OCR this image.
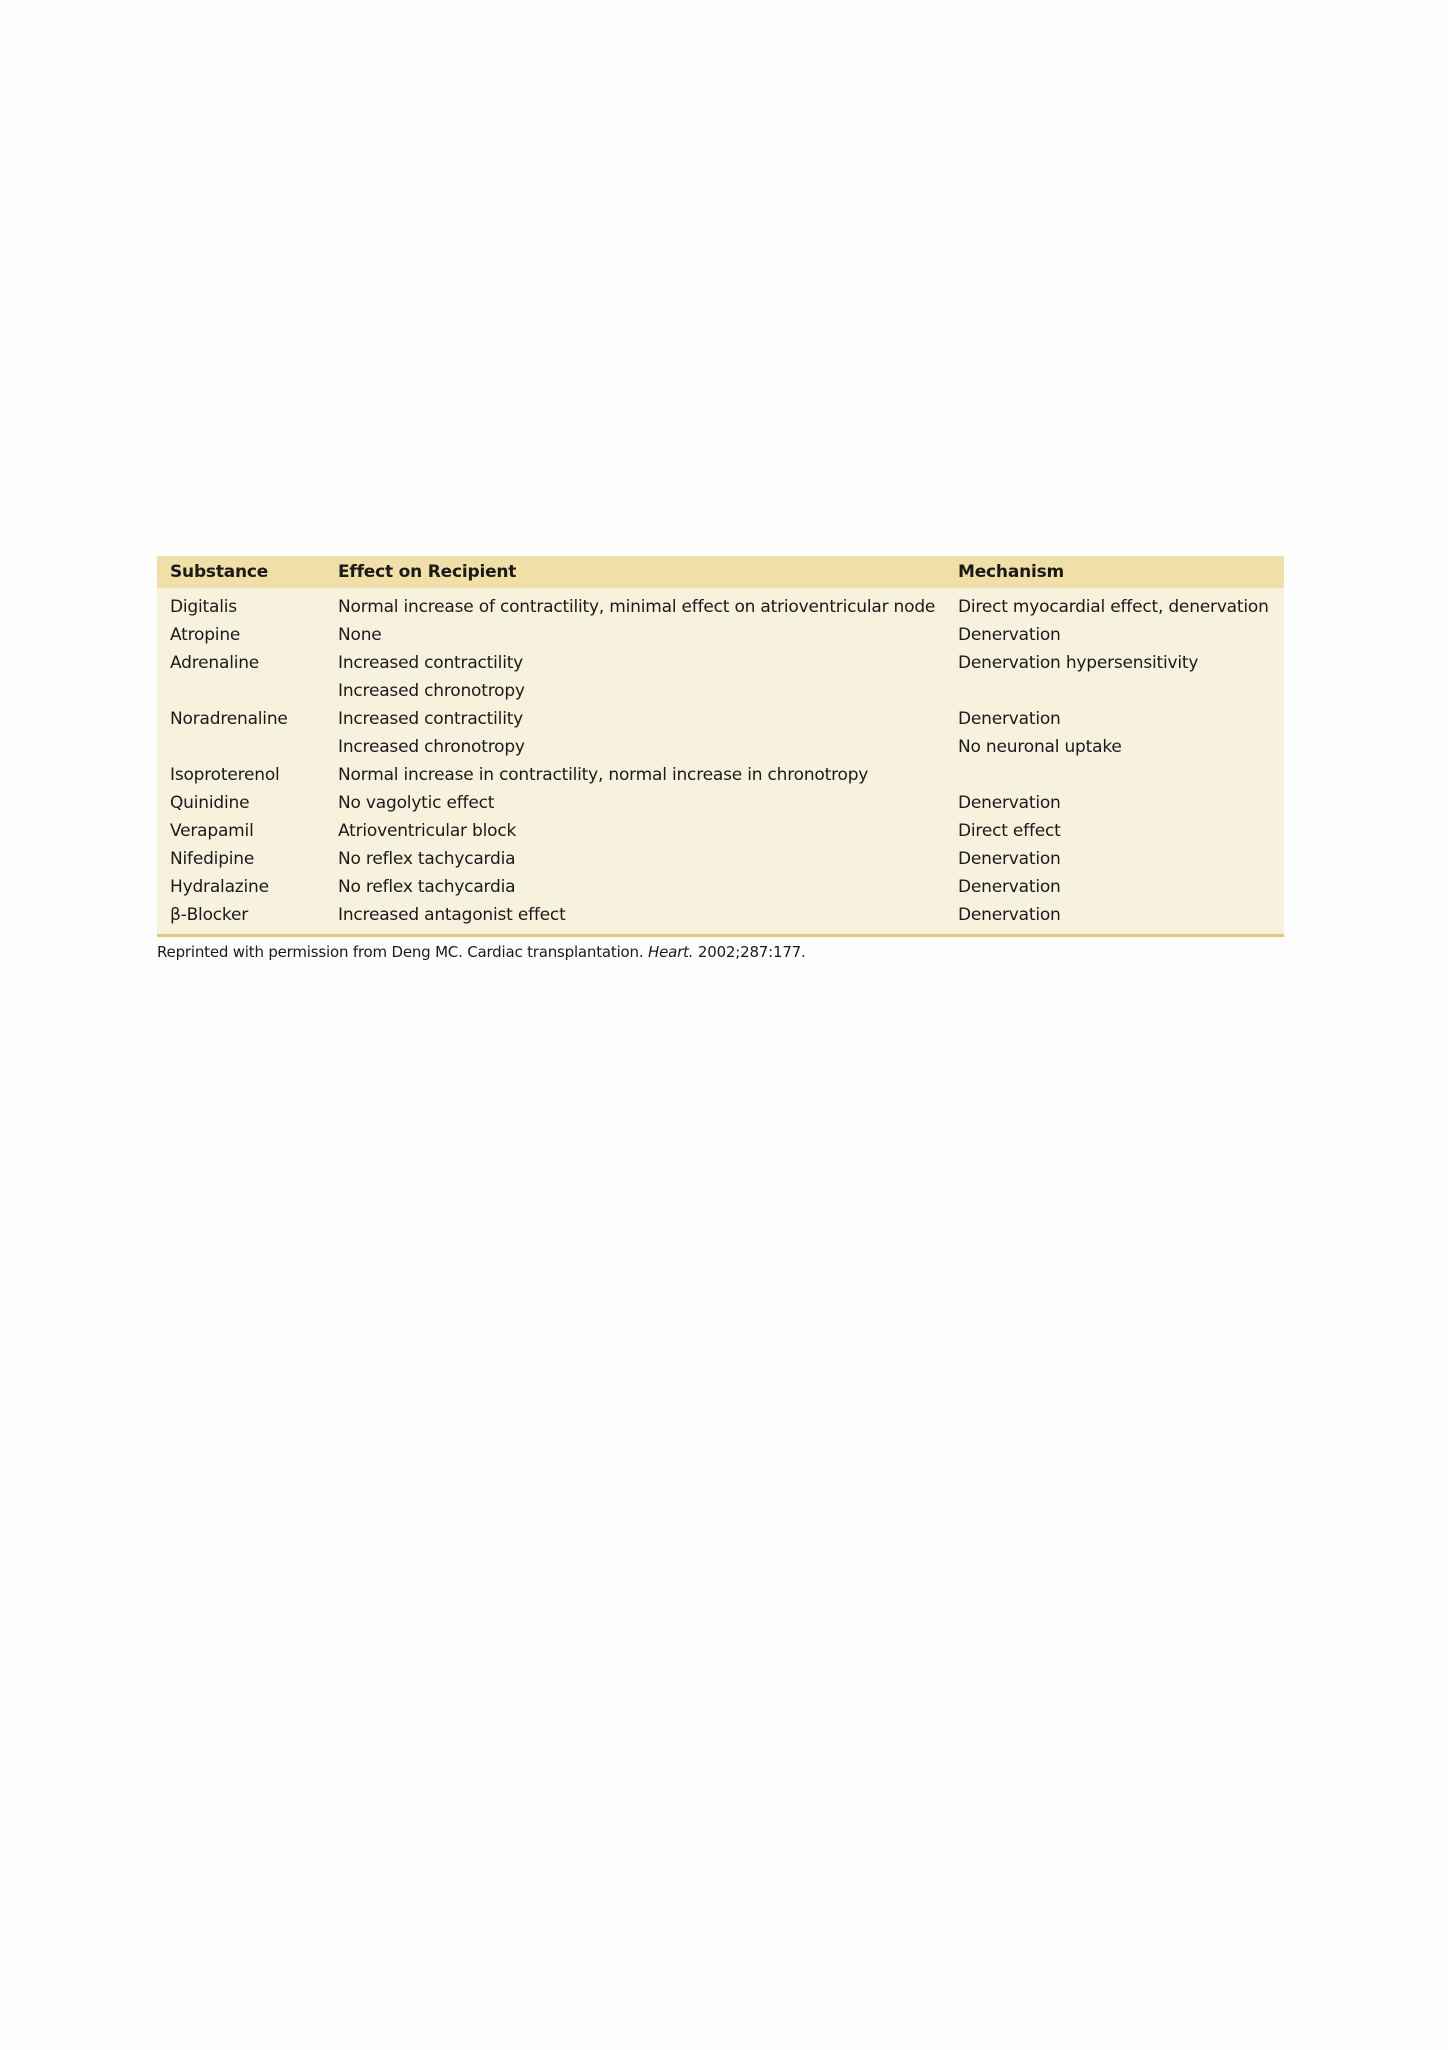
Substance	Effect on Recipient	Mechanism
Digitalis	Normal increase of contractility, minimal effect on atrioventricular node	Direct myocardial effect, denervation
Atropine	None	Denervation
Adrenaline	Increased contractility	Denervation hypersensitivity
	Increased chronotropy	
Noradrenaline	Increased contractility	Denervation
	Increased chronotropy	No neuronal uptake
Isoproterenol	Normal increase in contractility, normal increase in chronotropy	
Quinidine	No vagolytic effect	Denervation
Verapamil	Atrioventricular block	Direct effect
Nifedipine	No reflex tachycardia	Denervation
Hydralazine	No reflex tachycardia	Denervation
β-Blocker	Increased antagonist effect	Denervation
Reprinted with permission from Deng MC. Cardiac transplantation. Heart. 2002;287:177.
